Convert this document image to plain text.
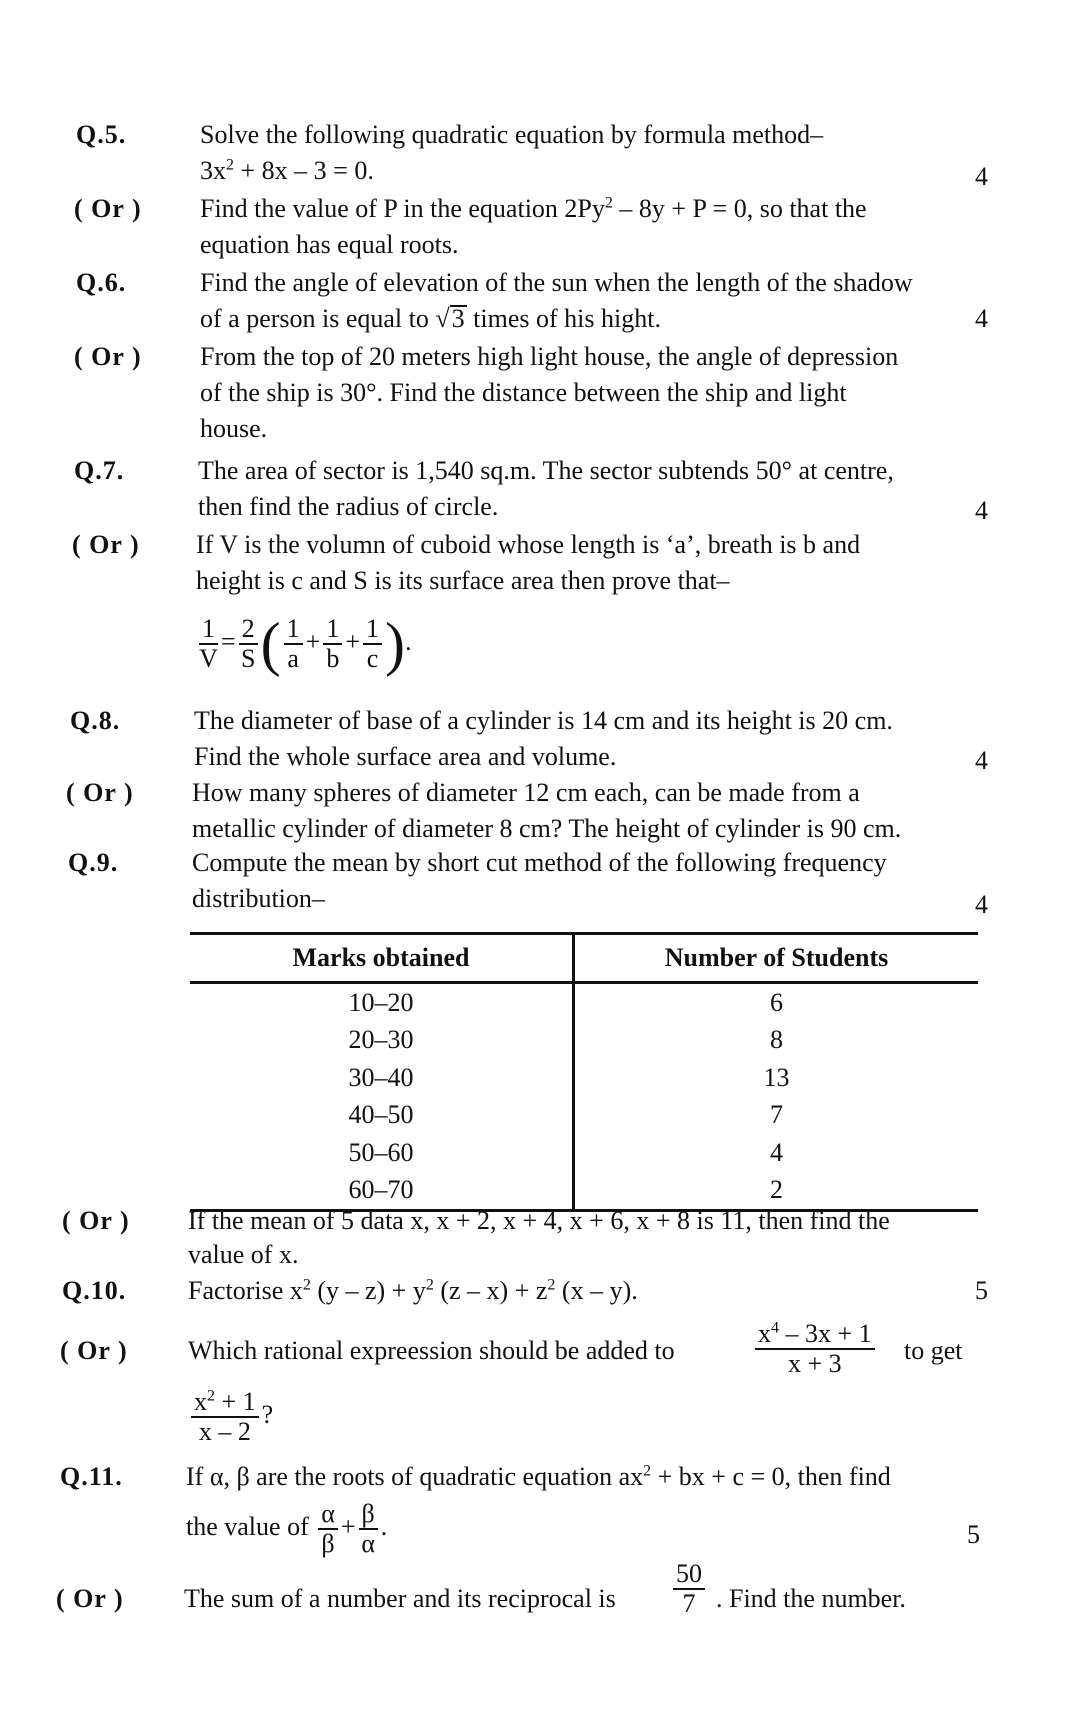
Q.5.	Solve the following quadratic equation by formula method–
$3x^2 + 8x - 3 = 0$.	4
( Or ) Find the value of P in the equation 2Py$^2$ – 8y + P = 0, so that the
equation has equal roots.
Q.6.	Find the angle of elevation of the sun when the length of the shadow
of a person is equal to √3 times of his hight.	4
( Or ) From the top of 20 meters high light house, the angle of depression
of the ship is 30°. Find the distance between the ship and light
house.
Q.7.	The area of sector is 1,540 sq.m. The sector subtends 50° at centre,
then find the radius of circle.	4
( Or ) If V is the volumn of cuboid whose length is ‘a’, breath is b and
height is c and S is its surface area then prove that–
$\frac{1}{V} = \frac{2}{S}$ ( $\frac{1}{a} + \frac{1}{b} + \frac{1}{c}$ ).
Q.8.	The diameter of base of a cylinder is 14 cm and its height is 20 cm.
Find the whole surface area and volume.	4
( Or ) How many spheres of diameter 12 cm each, can be made from a
metallic cylinder of diameter 8 cm? The height of cylinder is 90 cm.
Q.9.	Compute the mean by short cut method of the following frequency
distribution–	4
Marks obtained	Number of Students
10–20	6
20–30	8
30–40	13
40–50	7
50–60	4
60–70	2
( Or ) If the mean of 5 data x, x + 2, x + 4, x + 6, x + 8 is 11, then find the
value of x.
Q.10. Factorise $x^2$ $(y - z) + y^2$ $(z - x) + z^2$ (x – y).	5
( Or ) Which rational expreession should be added to	$\frac{x^4 - 3x + 1}{x + 3}$ to get
$\frac{x^2 + 1}{x - 2}$ ?
Q.11. If α, β are the roots of quadratic equation $ax^2$ + bx + c = 0, then find
the value of $\frac{\alpha}{\beta} + \frac{\beta}{\alpha}$ .	5
( Or ) The sum of a number and its reciprocal is $\frac{50}{7}$ . Find the number.
